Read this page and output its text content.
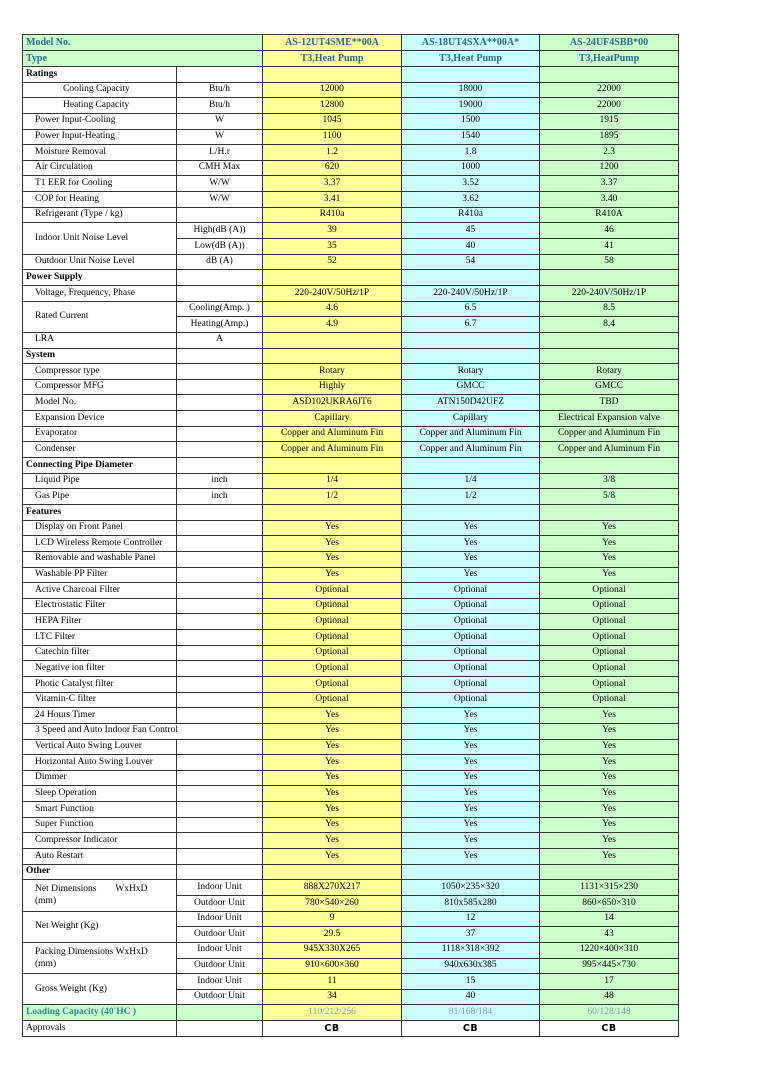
Model No.		AS-12UT4SME**00A	AS-18UT4SXA**00A*	AS-24UF4SBB*00
Type		T3,Heat Pump	T3,Heat Pump	T3,HeatPump
Ratings				
Cooling Capacity	Btu/h	12000	18000	22000
Heating Capacity	Btu/h	12800	19000	22000
Power Input-Cooling	W	1045	1500	1915
Power Input-Heating	W	1100	1540	1895
Moisture Removal	L/H.r	1.2	1.8	2.3
Air Circulation	CMH Max	620	1000	1200
T1 EER for Cooling	W/W	3.37	3.52	3.37
COP for Heating	W/W	3.41	3.62	3.40
Refrigerant (Type / kg)		R410a	R410a	R410A
Indoor Unit Noise Level	High(dB (A))	39	45	46
	Low(dB (A))	35	40	41
Outdoor Unit Noise Level	dB (A)	52	54	58
Power Supply				
Voltage, Frequency, Phase		220-240V/50Hz/1P	220-240V/50Hz/1P	220-240V/50Hz/1P
Rated Current	Cooling(Amp. )	4.6	6.5	8.5
	Heating(Amp.)	4.9	6.7	8.4
LRA	A			
System				
Compressor type		Rotary	Rotary	Rotary
Compressor MFG		Highly	GMCC	GMCC
Model No.		ASD102UKRA6JT6	ATN150D42UFZ	TBD
Expansion Device		Capillary	Capillary	Electrical Expansion valve
Evaporator		Copper and Aluminum Fin	Copper and Aluminum Fin	Copper and Aluminum Fin
Condenser		Copper and Aluminum Fin	Copper and Aluminum Fin	Copper and Aluminum Fin
Connecting Pipe Diameter				
Liquid Pipe	inch	1/4	1/4	3/8
Gas Pipe	inch	1/2	1/2	5/8
Features				
Display on Front Panel		Yes	Yes	Yes
LCD Wireless Remote Controller		Yes	Yes	Yes
Removable and washable Panel		Yes	Yes	Yes
Washable PP Filter		Yes	Yes	Yes
Active Charcoal Filter		Optional	Optional	Optional
Electrostatic Filter		Optional	Optional	Optional
HEPA Filter		Optional	Optional	Optional
LTC Filter		Optional	Optional	Optional
Catechin filter		Optional	Optional	Optional
Negative ion filter		Optional	Optional	Optional
Photic Catalyst filter		Optional	Optional	Optional
Vitamin-C filter		Optional	Optional	Optional
24 Hours Timer		Yes	Yes	Yes
3 Speed and Auto Indoor Fan Control		Yes	Yes	Yes
Vertical Auto Swing Louver		Yes	Yes	Yes
Horizontal Auto Swing Louver		Yes	Yes	Yes
Dimmer		Yes	Yes	Yes
Sleep Operation		Yes	Yes	Yes
Smart Function		Yes	Yes	Yes
Super Function		Yes	Yes	Yes
Compressor Indicator		Yes	Yes	Yes
Auto Restart		Yes	Yes	Yes
Other				
Net Dimensions        WxHxD
(mm)	Indoor Unit	888X270X217	1050×235×320	1131×315×230
	Outdoor Unit	780×540×260	810x585x280	860×650×310
Net Weight (Kg)	Indoor Unit	9	12	14
	Outdoor Unit	29.5	37	43
Packing Dimensions WxHxD
(mm)	Indoor Unit	945X330X265	1118×318×392	1220×400×310
	Outdoor Unit	910×600×360	940x630x385	995×445×730
Gross Weight (Kg)	Indoor Unit	11	15	17
	Outdoor Unit	34	40	48
Loading Capacity (40'HC )		110/212/256	81/168/184	60/128/148
Approvals		CB	CB	CB
